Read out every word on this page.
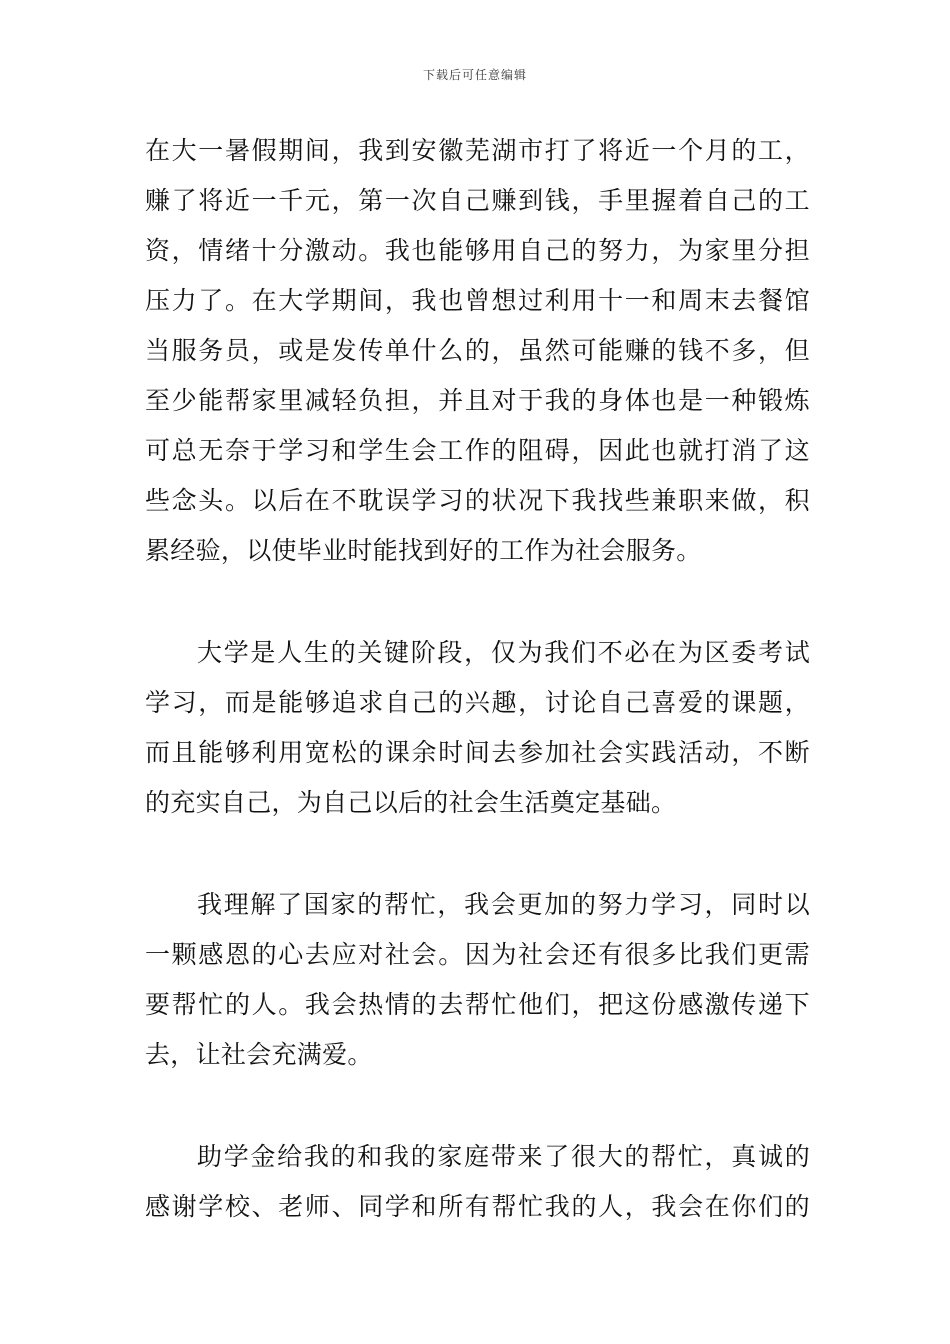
下载后可任意编辑
在大一暑假期间，我到安徽芜湖市打了将近一个月的工，
赚了将近一千元，第一次自己赚到钱，手里握着自己的工
资，情绪十分激动。我也能够用自己的努力，为家里分担
压力了。在大学期间，我也曾想过利用十一和周末去餐馆
当服务员，或是发传单什么的，虽然可能赚的钱不多，但
至少能帮家里减轻负担，并且对于我的身体也是一种锻炼
可总无奈于学习和学生会工作的阻碍，因此也就打消了这
些念头。以后在不耽误学习的状况下我找些兼职来做，积
累经验，以使毕业时能找到好的工作为社会服务。
大学是人生的关键阶段，仅为我们不必在为区委考试
学习，而是能够追求自己的兴趣，讨论自己喜爱的课题，
而且能够利用宽松的课余时间去参加社会实践活动，不断
的充实自己，为自己以后的社会生活奠定基础。
我理解了国家的帮忙，我会更加的努力学习，同时以
一颗感恩的心去应对社会。因为社会还有很多比我们更需
要帮忙的人。我会热情的去帮忙他们，把这份感激传递下
去，让社会充满爱。
助学金给我的和我的家庭带来了很大的帮忙，真诚的
感谢学校、老师、同学和所有帮忙我的人，我会在你们的
